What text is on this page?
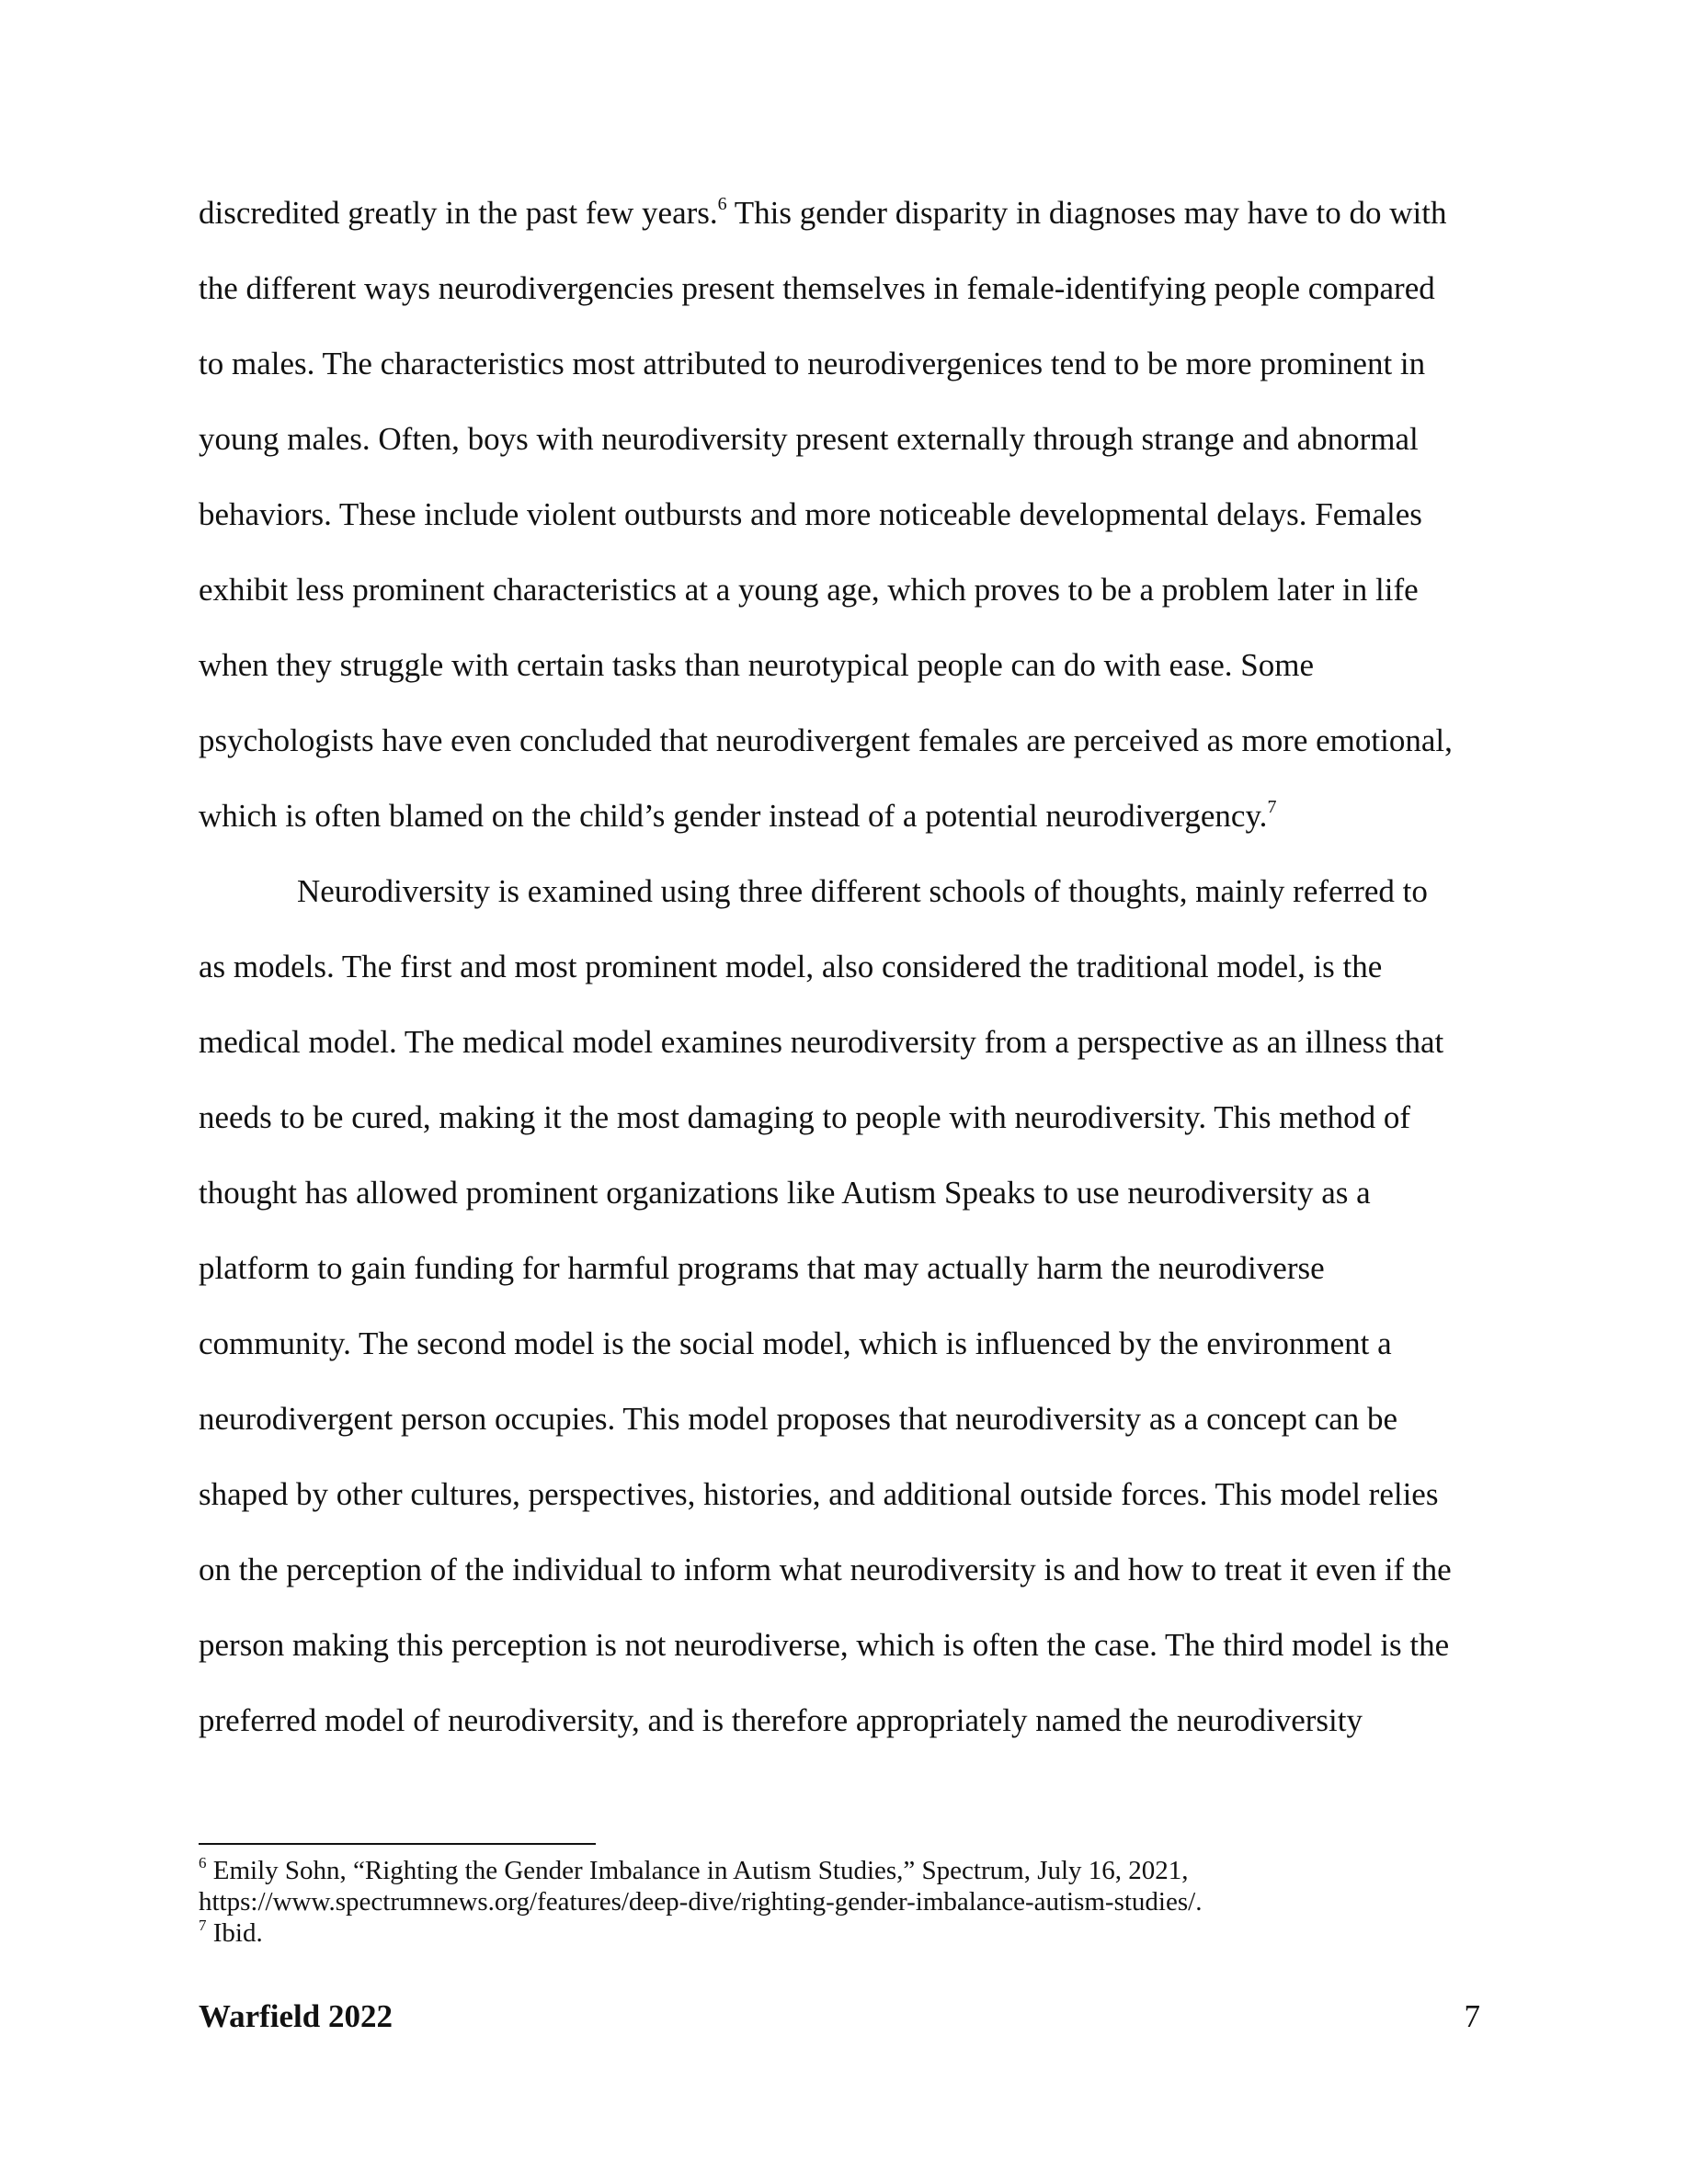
discredited greatly in the past few years.$^6$ This gender disparity in diagnoses may have to do with
the different ways neurodivergencies present themselves in female-identifying people compared
to males. The characteristics most attributed to neurodivergenices tend to be more prominent in
young males. Often, boys with neurodiversity present externally through strange and abnormal
behaviors. These include violent outbursts and more noticeable developmental delays. Females
exhibit less prominent characteristics at a young age, which proves to be a problem later in life
when they struggle with certain tasks than neurotypical people can do with ease. Some
psychologists have even concluded that neurodivergent females are perceived as more emotional,
which is often blamed on the child’s gender instead of a potential neurodivergency.$^7$
Neurodiversity is examined using three different schools of thoughts, mainly referred to
as models. The first and most prominent model, also considered the traditional model, is the
medical model. The medical model examines neurodiversity from a perspective as an illness that
needs to be cured, making it the most damaging to people with neurodiversity. This method of
thought has allowed prominent organizations like Autism Speaks to use neurodiversity as a
platform to gain funding for harmful programs that may actually harm the neurodiverse
community. The second model is the social model, which is influenced by the environment a
neurodivergent person occupies. This model proposes that neurodiversity as a concept can be
shaped by other cultures, perspectives, histories, and additional outside forces. This model relies
on the perception of the individual to inform what neurodiversity is and how to treat it even if the
person making this perception is not neurodiverse, which is often the case. The third model is the
preferred model of neurodiversity, and is therefore appropriately named the neurodiversity
$^6$ Emily Sohn, “Righting the Gender Imbalance in Autism Studies,” Spectrum, July 16, 2021,
https://www.spectrumnews.org/features/deep-dive/righting-gender-imbalance-autism-studies/.
$^7$ Ibid.
Warfield 2022	7
